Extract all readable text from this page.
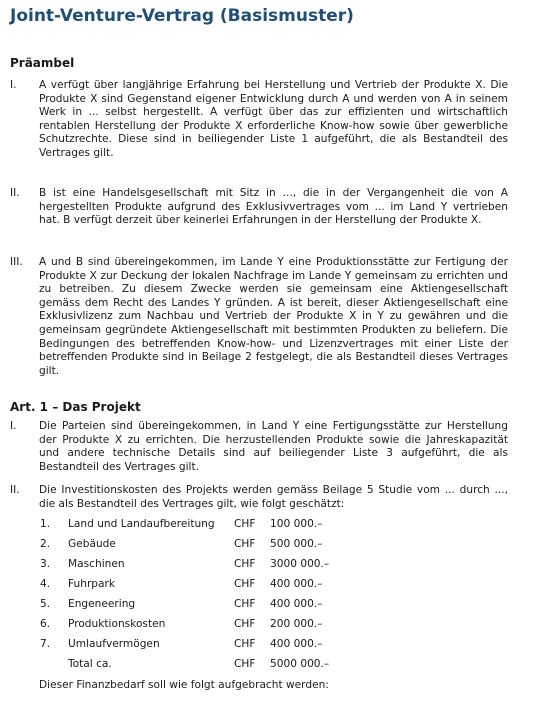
Joint-Venture-Vertrag (Basismuster)
Präambel
I. A verfügt über langjährige Erfahrung bei Herstellung und Vertrieb der Produkte X. Die Produkte X sind Gegenstand eigener Entwicklung durch A und werden von A in seinem Werk in ... selbst hergestellt. A verfügt über das zur effizienten und wirtschaftlich rentablen Herstellung der Produkte X erforderliche Know-how sowie über gewerbliche Schutzrechte. Diese sind in beiliegender Liste 1 aufgeführt, die als Bestandteil des Vertrages gilt.
II. B ist eine Handelsgesellschaft mit Sitz in ..., die in der Vergangenheit die von A hergestellten Produkte aufgrund des Exklusivvertrages vom ... im Land Y vertrieben hat. B verfügt derzeit über keinerlei Erfahrungen in der Herstellung der Produkte X.
III. A und B sind übereingekommen, im Lande Y eine Produktionsstätte zur Fertigung der Produkte X zur Deckung der lokalen Nachfrage im Lande Y gemeinsam zu errichten und zu betreiben. Zu diesem Zwecke werden sie gemeinsam eine Aktiengesellschaft gemäss dem Recht des Landes Y gründen. A ist bereit, dieser Aktiengesellschaft eine Exklusivlizenz zum Nachbau und Vertrieb der Produkte X in Y zu gewähren und die gemeinsam gegründete Aktiengesellschaft mit bestimmten Produkten zu beliefern. Die Bedingungen des betreffenden Know-how- und Lizenzvertrages mit einer Liste der betreffenden Produkte sind in Beilage 2 festgelegt, die als Bestandteil dieses Vertrages gilt.
Art. 1 – Das Projekt
I. Die Parteien sind übereingekommen, in Land Y eine Fertigungsstätte zur Herstellung der Produkte X zu errichten. Die herzustellenden Produkte sowie die Jahreskapazität und andere technische Details sind auf beiliegender Liste 3 aufgeführt, die als Bestandteil des Vertrages gilt.
II. Die Investitionskosten des Projekts werden gemäss Beilage 5 Studie vom ... durch ..., die als Bestandteil des Vertrages gilt, wie folgt geschätzt:
1. Land und Landaufbereitung CHF 100 000.–
2. Gebäude	CHF 500 000.–
3. Maschinen	CHF 3000 000.–
4. Fuhrpark	CHF 400 000.–
5. Engeneering	CHF 400 000.–
6. Produktionskosten	CHF 200 000.–
7. Umlaufvermögen	CHF 400 000.–
Total ca.	CHF 5000 000.–
Dieser Finanzbedarf soll wie folgt aufgebracht werden:
